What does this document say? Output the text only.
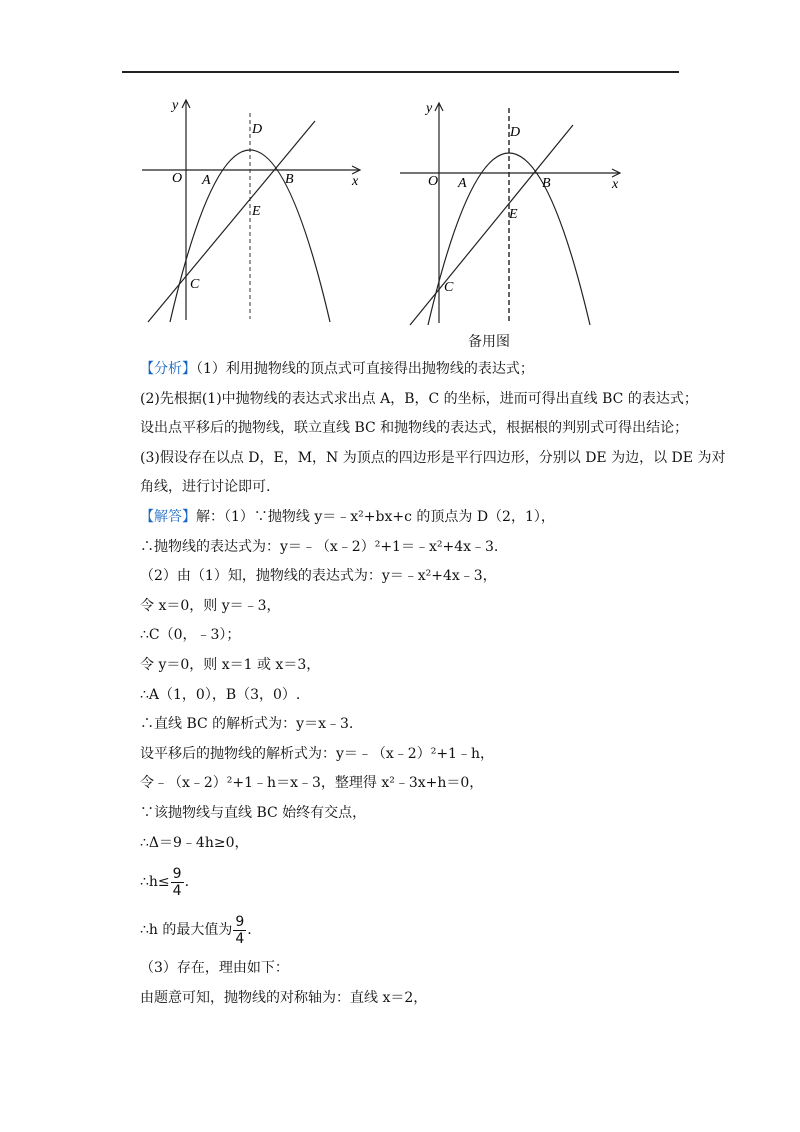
y
x
O A	B
D
E
C
y
x
O A	B
D
E
C
备用图
【分析】（1）利用抛物线的顶点式可直接得出抛物线的表达式；
(2)先根据(1)中抛物线的表达式求出点 A，B，C 的坐标，进而可得出直线 BC 的表达式；
设出点平移后的抛物线，联立直线 BC 和抛物线的表达式，根据根的判别式可得出结论；
(3)假设存在以点 D，E，M，N 为顶点的四边形是平行四边形，分别以 DE 为边，以 DE 为对
角线，进行讨论即可.
【解答】解：（1）∵抛物线 y＝﹣x²+bx+c 的顶点为 D（2，1），
∴抛物线的表达式为：y＝﹣（x﹣2）²+1＝﹣x²+4x﹣3.
（2）由（1）知，抛物线的表达式为：y＝﹣x²+4x﹣3，
令 x＝0，则 y＝﹣3，
∴C（0，﹣3）；
令 y＝0，则 x＝1 或 x＝3，
∴A（1，0），B（3，0）.
∴直线 BC 的解析式为：y＝x﹣3.
设平移后的抛物线的解析式为：y＝﹣（x﹣2）²+1﹣h，
令﹣（x﹣2）²+1﹣h＝x﹣3，整理得 x²﹣3x+h＝0，
∵该抛物线与直线 BC 始终有交点，
∴Δ＝9﹣4h≥0，
∴h≤ $\frac{9}{4}$ .
∴h 的最大值为 $\frac{9}{4}$ .
（3）存在，理由如下：
由题意可知，抛物线的对称轴为：直线 x＝2，
